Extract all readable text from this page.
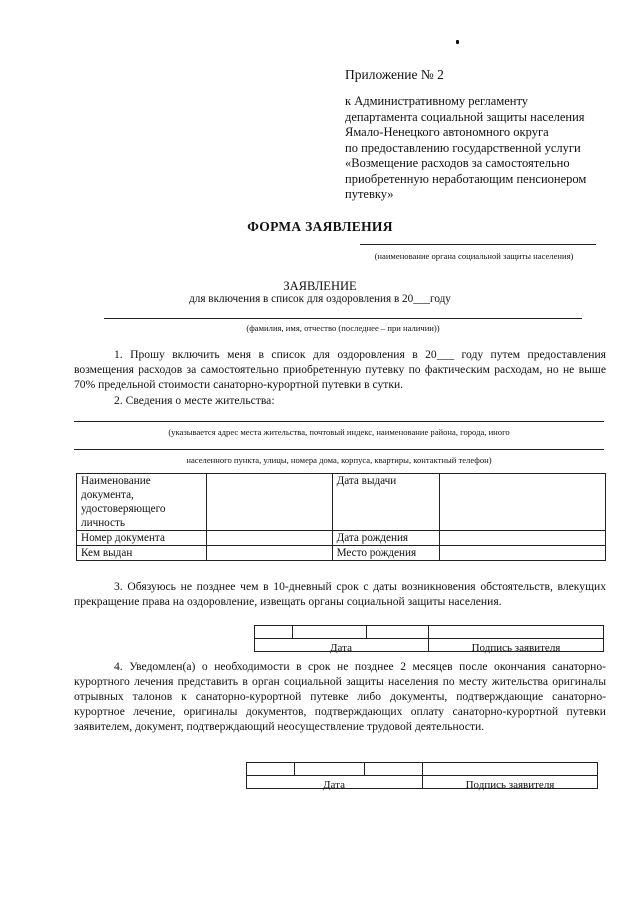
Приложение № 2
к Административному регламенту
департамента социальной защиты населения
Ямало-Ненецкого автономного округа
по предоставлению государственной услуги
«Возмещение расходов за самостоятельно
приобретенную неработающим пенсионером
путевку»
ФОРМА ЗАЯВЛЕНИЯ
(наименование органа социальной защиты населения)
ЗАЯВЛЕНИЕ
для включения в список для оздоровления в 20___году
(фамилия, имя, отчество (последнее – при наличии))
1. Прошу включить меня в список для оздоровления в 20___ году путем предоставления возмещения расходов за самостоятельно приобретенную путевку по фактическим расходам, но не выше 70% предельной стоимости санаторно-курортной путевки в сутки.
2. Сведения о месте жительства:
(указывается адрес места жительства, почтовый индекс, наименование района, города, иного
населенного пункта, улицы, номера дома, корпуса, квартиры, контактный телефон)
Наименование документа, удостоверяющего личность		Дата выдачи	
Номер документа		Дата рождения	
Кем выдан		Место рождения	
3. Обязуюсь не позднее чем в 10-дневный срок с даты возникновения обстоятельств, влекущих прекращение права на оздоровление, извещать органы социальной защиты населения.

Дата	Подпись заявителя
4. Уведомлен(а) о необходимости в срок не позднее 2 месяцев после окончания санаторно-курортного лечения представить в орган социальной защиты населения по месту жительства оригиналы отрывных талонов к санаторно-курортной путевке либо документы, подтверждающие санаторно-курортное лечение, оригиналы документов, подтверждающих оплату санаторно-курортной путевки заявителем, документ, подтверждающий неосуществление трудовой деятельности.

Дата	Подпись заявителя
